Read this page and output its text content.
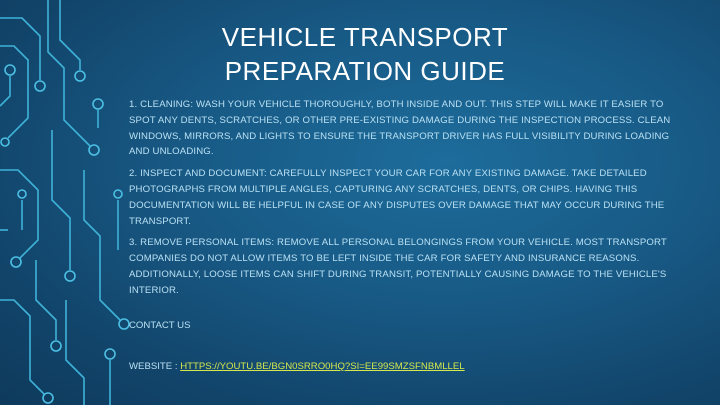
VEHICLE TRANSPORT
PREPARATION GUIDE

1. CLEANING: WASH YOUR VEHICLE THOROUGHLY, BOTH INSIDE AND OUT. THIS STEP WILL MAKE IT EASIER TO SPOT ANY DENTS, SCRATCHES, OR OTHER PRE-EXISTING DAMAGE DURING THE INSPECTION PROCESS. CLEAN WINDOWS, MIRRORS, AND LIGHTS TO ENSURE THE TRANSPORT DRIVER HAS FULL VISIBILITY DURING LOADING AND UNLOADING.

2. INSPECT AND DOCUMENT: CAREFULLY INSPECT YOUR CAR FOR ANY EXISTING DAMAGE. TAKE DETAILED PHOTOGRAPHS FROM MULTIPLE ANGLES, CAPTURING ANY SCRATCHES, DENTS, OR CHIPS. HAVING THIS DOCUMENTATION WILL BE HELPFUL IN CASE OF ANY DISPUTES OVER DAMAGE THAT MAY OCCUR DURING THE TRANSPORT.

3. REMOVE PERSONAL ITEMS: REMOVE ALL PERSONAL BELONGINGS FROM YOUR VEHICLE. MOST TRANSPORT COMPANIES DO NOT ALLOW ITEMS TO BE LEFT INSIDE THE CAR FOR SAFETY AND INSURANCE REASONS. ADDITIONALLY, LOOSE ITEMS CAN SHIFT DURING TRANSIT, POTENTIALLY CAUSING DAMAGE TO THE VEHICLE'S INTERIOR.

CONTACT US
WEBSITE : HTTPS://YOUTU.BE/BGN0SRRO0HQ?SI=EE99SMZSFNBMLLEL
